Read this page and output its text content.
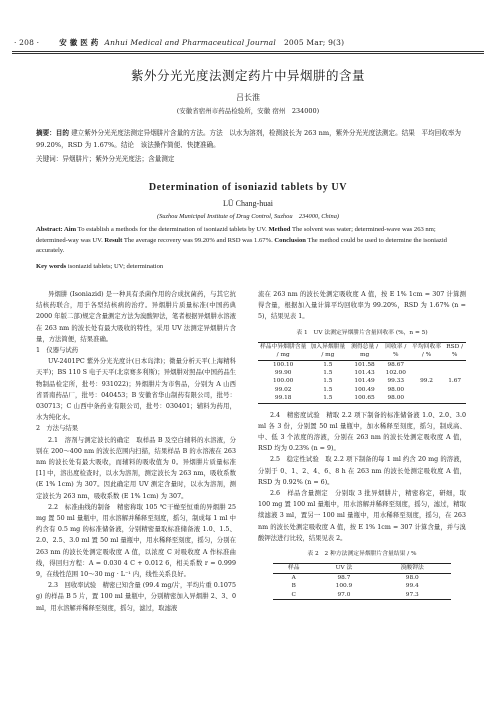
· 208 ·	安 徽 医 药 Anhui Medical and Pharmaceutical Journal 2005 Mar; 9(3)
紫外分光光度法测定药片中异烟肼的含量
吕长淮
(安徽省宿州市药品检验所，安徽 宿州　234000)
摘要：目的 建立紫外分光光度法测定异烟肼片含量的方法。方法　以水为溶剂，检测波长为 263 nm，紫外分光光度法测定。结果　平均回收率为 99.20%，RSD 为 1.67%。结论　该法操作简便、快捷准确。
关键词：异烟肼片；紫外分光光度法；含量测定
Determination of isoniazid tablets by UV
LÜ Chang-huai
(Suzhou Municipal Institute of Drug Control, Suzhou　234000, China)
Abstract: Aim To establish a methods for the determination of isoniazid tablets by UV. Method The solvent was water; determined-wave was 263 nm; determined-way was UV. Result The average recovery was 99.20% and RSD was 1.67%. Conclusion The method could be used to determine the isoniazid accurately.
Key words isoniazid tablets; UV; determination

异烟肼 (Isoniazid) 是一种具有杀菌作用的合成抗菌药，与其它抗结核药联合，用于各型结核病的治疗。异烟肼片质量标准(中国药典 2000 年版二部)规定含量测定方法为溴酸钾法，笔者根据异烟肼水溶液在 263 nm 的波长处有最大吸收的特性，采用 UV 法测定异烟肼片含量，方法简便，结果准确。

1　仪器与试药

UV-2401PC 紫外分光光度计(日本岛津)；微量分析天平(上海精科天平)；BS 110 S 电子天平(北京赛多利斯)；异烟肼对照品(中国药品生物制品检定所，批号：931022)；异烟肼片为市售品，分别为 A 山西省晋南药品厂，批号：040453；B 安徽省华山制药有限公司，批号：030713；C 山西中条药业有限公司，批号：030401；辅料为药用，水为纯化水。

2　方法与结果

2.1　溶剂与测定波长的确定　取样品 B 及空白辅料的水溶液，分别在 200～400 nm 的波长范围内扫描，结果样品 B 的水溶液在 263 nm 的波长处有最大吸收，而辅料的吸收值为 0。异烟肼片质量标准 [1] 中，溶出度检查时，以水为溶剂，测定波长为 263 nm，吸收系数 (E 1% 1cm) 为 307。因此确定用 UV 测定含量时，以水为溶剂，测定波长为 263 nm，吸收系数 (E 1% 1cm) 为 307。

2.2　标准曲线的制备　精密称取 105 ℃干燥至恒重的异烟肼 25 mg 置 50 ml 量瓶中，用水溶解并稀释至刻度，摇匀，制成每 1 ml 中约含有 0.5 mg 的标准储备液，分别精密量取标准储备液 1.0、1.5、2.0、2.5、3.0 ml 置 50 ml 量瓶中，用水稀释至刻度，摇匀，分别在 263 nm 的波长处测定吸收度 A 值，以浓度 C 对吸收度 A 作标准曲线，得回归方程：A = 0.030 4 C + 0.012 6，相关系数 r = 0.999 9，在线性范围 10～30 mg · L⁻¹ 内，线性关系良好。

2.3　回收率试验　精密已知含量 (99.4 mg/片，平均片重 0.1075 g) 的样品 B 5 片，置 100 ml 量瓶中，分别精密加入异烟肼 2、3、0 ml，用水溶解并稀释至刻度，摇匀，滤过，取滤液

流在 263 nm 的波长处测定吸收度 A 值，按 E 1% 1cm = 307 计算测得含量，根据加入量计算平均回收率为 99.20%，RSD 为 1.67% (n = 5)，结果见表 1。

表 1　UV 法测定异烟肼片含量回收率 (%，n = 5)
样品中异烟肼含量 / mg	加入异烟肼量 / mg	测得总量 / mg	回收率 / %	平均回收率 / %	RSD / %
100.10	1.5	101.58	98.67		
99.90	1.5	101.43	102.00		
100.00	1.5	101.49	99.33	99.2	1.67
99.02	1.5	100.49	98.00		
99.18	1.5	100.65	98.00		

2.4　精密度试验　精取 2.2 项下制备的标准储备液 1.0、2.0、3.0 ml 各 3 份，分别置 50 ml 量瓶中，加水稀释至刻度，摇匀，制成高、中、低 3 个浓度的溶液，分别在 263 nm 的波长处测定吸收度 A 值，RSD 均为 0.23% (n = 9)。

2.5　稳定性试验　取 2.2 项下制备的每 1 ml 约含 20 mg 的溶液，分别于 0、1、2、4、6、8 h 在 263 nm 的波长处测定吸收度 A 值，RSD 为 0.92% (n = 6)。

2.6　样品含量测定　分别取 3 批异烟肼片，精密称定，研细，取 100 mg 置 100 ml 量瓶中，用水溶解并稀释至刻度，摇匀，滤过，精取续滤液 3 ml，置另一 100 ml 量瓶中，用水稀释至刻度，摇匀，在 263 nm 的波长处测定吸收度 A 值，按 E 1% 1cm = 307 计算含量，并与溴酸钾法进行比较，结果见表 2。

表 2　2 种方法测定异烟肼片含量结果 / %
样品	UV 法	溴酸钾法
A	98.7	98.0
B	100.9	99.4
C	97.0	97.3
